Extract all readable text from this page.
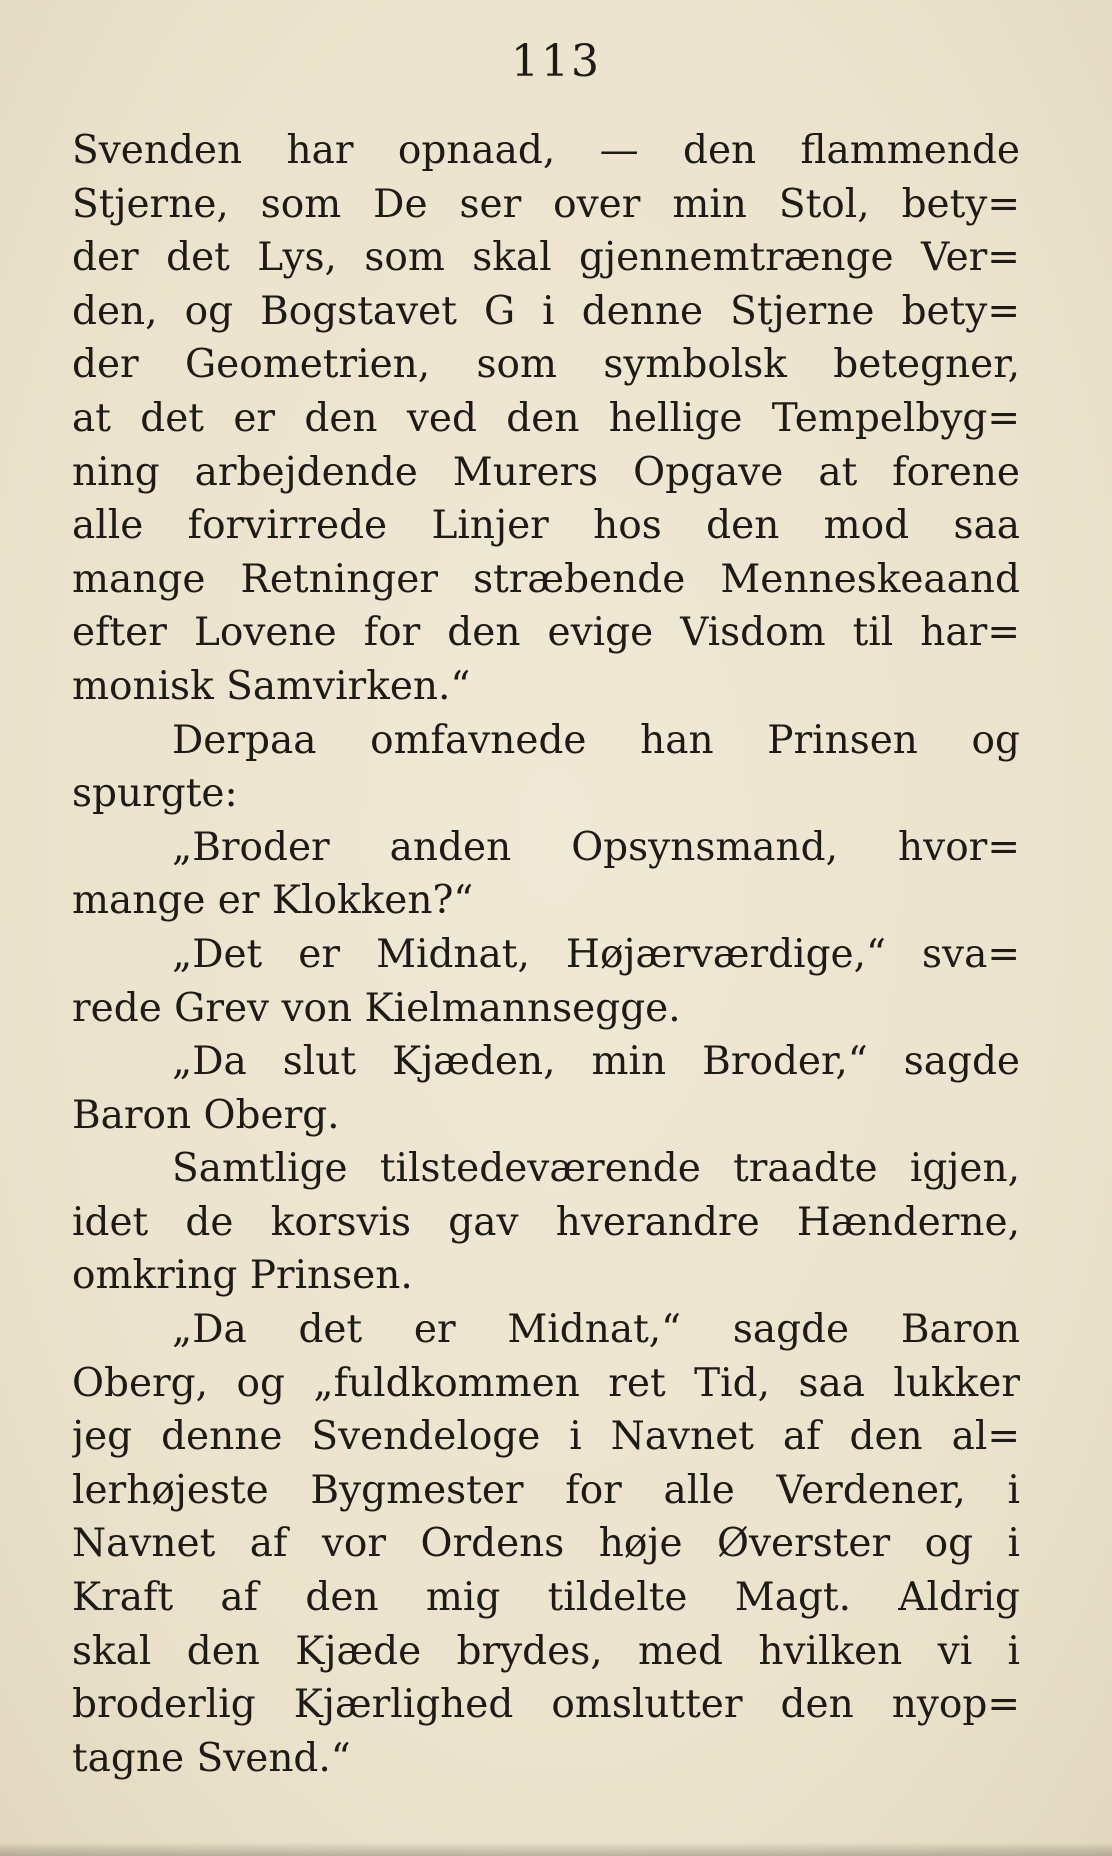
113
Svenden har opnaad, — den flammende
Stjerne, som De ser over min Stol, bety=
der det Lys, som skal gjennemtrænge Ver=
den, og Bogstavet G i denne Stjerne bety=
der Geometrien, som symbolsk betegner,
at det er den ved den hellige Tempelbyg=
ning arbejdende Murers Opgave at forene
alle forvirrede Linjer hos den mod saa
mange Retninger stræbende Menneskeaand
efter Lovene for den evige Visdom til har=
monisk Samvirken.“
Derpaa omfavnede han Prinsen og
spurgte:
„Broder anden Opsynsmand, hvor=
mange er Klokken?“
„Det er Midnat, Højærværdige,“ sva=
rede Grev von Kielmannsegge.
„Da slut Kjæden, min Broder,“ sagde
Baron Oberg.
Samtlige tilstedeværende traadte igjen,
idet de korsvis gav hverandre Hænderne,
omkring Prinsen.
„Da det er Midnat,“ sagde Baron
Oberg, og „fuldkommen ret Tid, saa lukker
jeg denne Svendeloge i Navnet af den al=
lerhøjeste Bygmester for alle Verdener, i
Navnet af vor Ordens høje Øverster og i
Kraft af den mig tildelte Magt. Aldrig
skal den Kjæde brydes, med hvilken vi i
broderlig Kjærlighed omslutter den nyop=
tagne Svend.“
